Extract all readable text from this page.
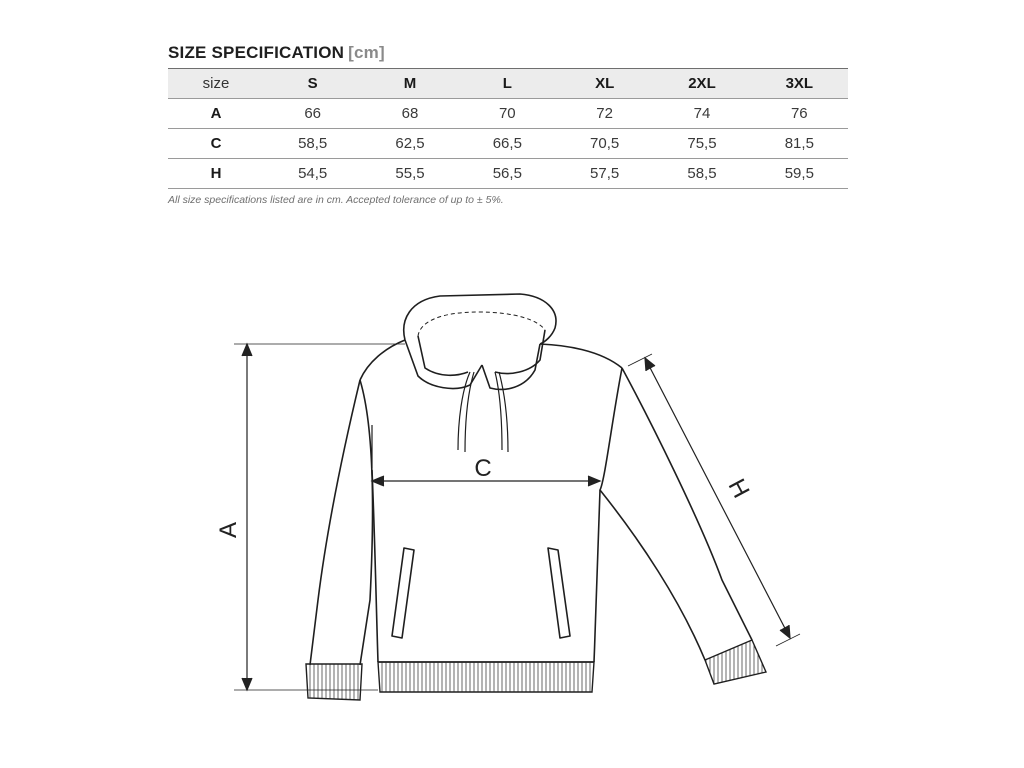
SIZE SPECIFICATION [cm]
size	S	M	L	XL	2XL	3XL
A	66	68	70	72	74	76
C	58,5	62,5	66,5	70,5	75,5	81,5
H	54,5	55,5	56,5	57,5	58,5	59,5
All size specifications listed are in cm. Accepted tolerance of up to ± 5%.
A
C
H
